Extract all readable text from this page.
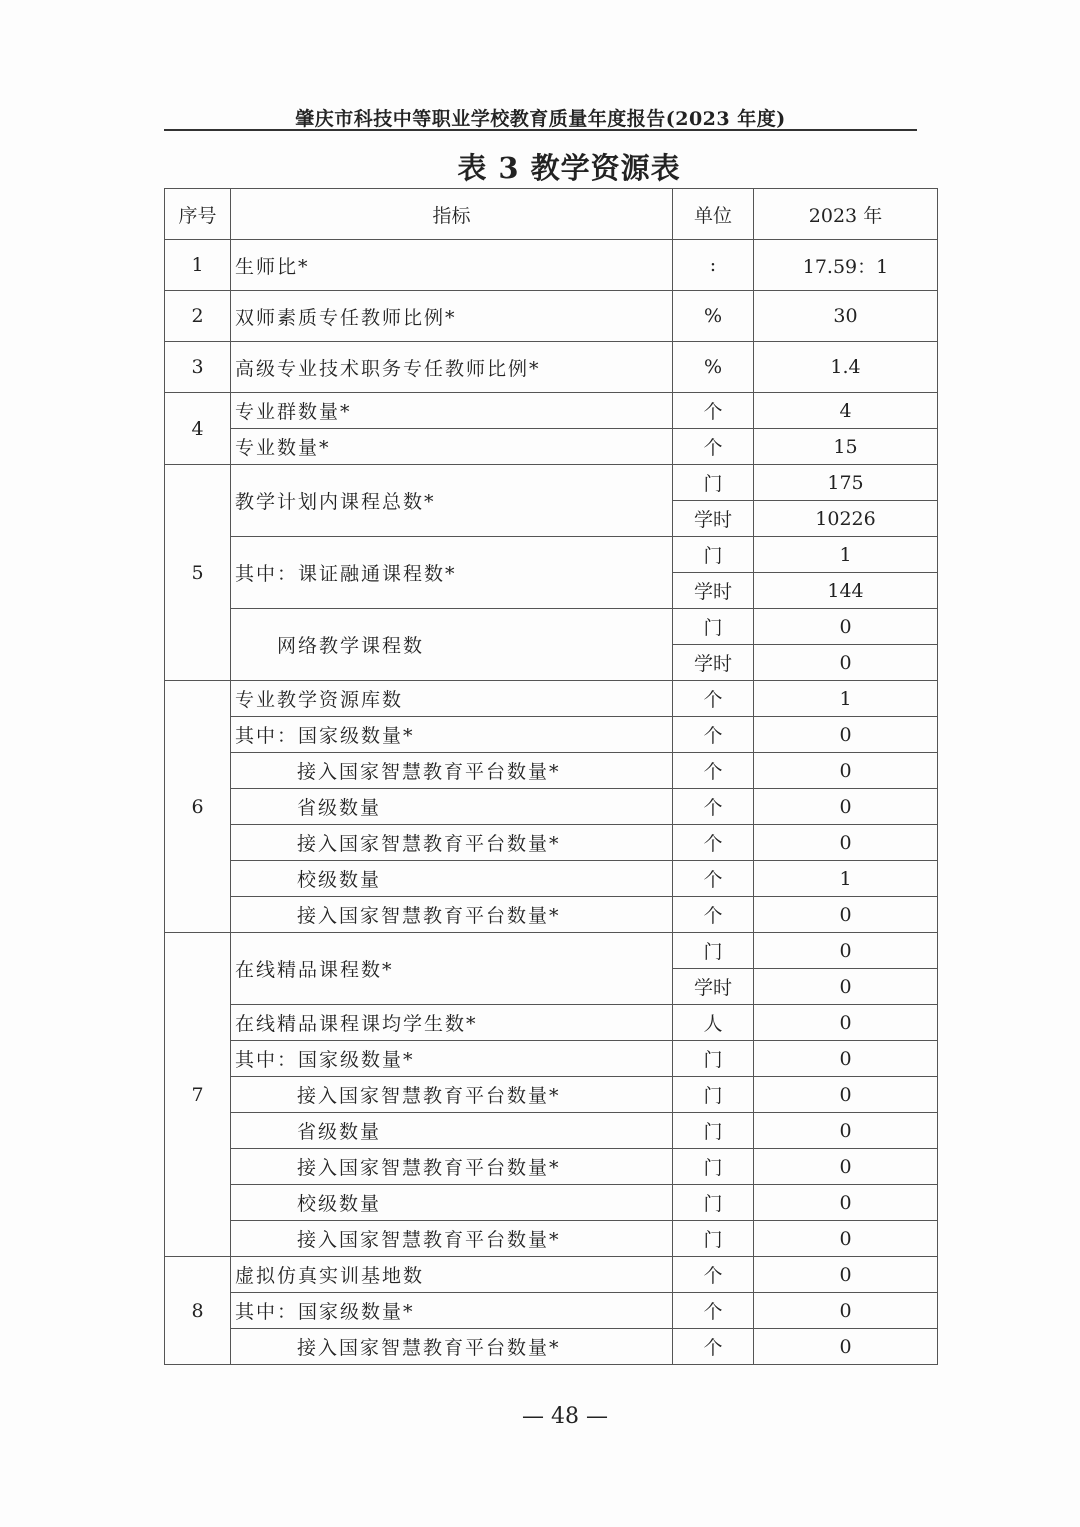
肇庆市科技中等职业学校教育质量年度报告(2023 年度)
表 3 教学资源表
序号	指标	单位	2023 年
1	生师比*	:	17.59：1
2	双师素质专任教师比例*	%	30
3	高级专业技术职务专任教师比例*	%	1.4
4	专业群数量*	个	4
	专业数量*	个	15
5	教学计划内课程总数*	门	175
		学时	10226
	其中：课证融通课程数*	门	1
		学时	144
	网络教学课程数	门	0
		学时	0
6	专业教学资源库数	个	1
	其中：国家级数量*	个	0
	接入国家智慧教育平台数量*	个	0
	省级数量	个	0
	接入国家智慧教育平台数量*	个	0
	校级数量	个	1
	接入国家智慧教育平台数量*	个	0
7	在线精品课程数*	门	0
		学时	0
	在线精品课程课均学生数*	人	0
	其中：国家级数量*	门	0
	接入国家智慧教育平台数量*	门	0
	省级数量	门	0
	接入国家智慧教育平台数量*	门	0
	校级数量	门	0
	接入国家智慧教育平台数量*	门	0
8	虚拟仿真实训基地数	个	0
	其中：国家级数量*	个	0
	接入国家智慧教育平台数量*	个	0
— 48 —
